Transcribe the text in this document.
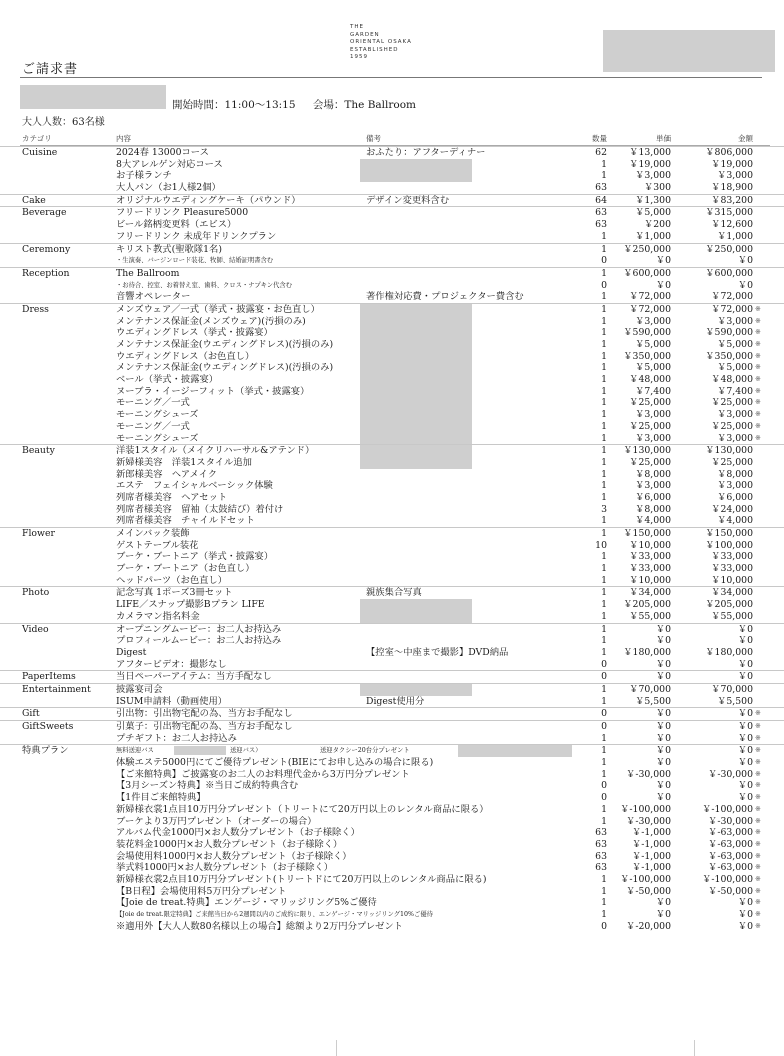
THE
GARDEN
ORIENTAL OSAKA
ESTABLISHED
1959
ご請求書
開始時間：11:00～13:15 会場：The Ballroom
大人人数：63名様
カテゴリ	内容	備考	数量	単価	金額
Cuisine	2024春 13000コース	おふたり：アフターディナー	62 ￥13,000	￥806,000
8大アレルゲン対応コース	1 ￥19,000	￥19,000
お子様ランチ	1	￥3,000	￥3,000
大人パン（お1人様2個）	63	￥300	￥18,900
Cake	オリジナルウエディングケーキ（パウンド）	デザイン変更料含む	64	￥1,300	￥83,200
Beverage	フリードリンク Pleasure5000	63	￥5,000	￥315,000
ビール銘柄変更料（エビス）	63	￥200	￥12,600
フリードリンク 未成年ドリンクプラン	1	￥1,000	￥1,000
Ceremony	キリスト教式(聖歌隊1名)	1 ￥250,000	￥250,000
・生演奏、バージンロード装花、牧師、結婚証明書含む	0	￥0	￥0
Reception	The Ballroom	1 ￥600,000	￥600,000
・お待合、控室、お着替え室、歯料、クロス・ナプキン代含む	0	￥0	￥0
音響オペレーター	著作権対応費・プロジェクター費含む	1 ￥72,000	￥72,000
Dress	メンズウェア／一式（挙式・披露宴・お色直し）	1 ￥72,000	￥72,000 ※
メンテナンス保証金(メンズウェア)(汚損のみ)	1	￥3,000	￥3,000 ※
ウエディングドレス（挙式・披露宴）	1 ￥590,000	￥590,000 ※
メンテナンス保証金(ウエディングドレス)(汚損のみ)	1	￥5,000	￥5,000 ※
ウエディングドレス（お色直し）	1 ￥350,000	￥350,000 ※
メンテナンス保証金(ウエディングドレス)(汚損のみ)	1	￥5,000	￥5,000 ※
ベール（挙式・披露宴）	1 ￥48,000	￥48,000 ※
ヌーブラ・イージーフィット（挙式・披露宴）	1	￥7,400	￥7,400 ※
モーニング／一式	1 ￥25,000	￥25,000 ※
モーニングシューズ	1	￥3,000	￥3,000 ※
モーニング／一式	1 ￥25,000	￥25,000 ※
モーニングシューズ	1	￥3,000	￥3,000 ※
Beauty	洋装1スタイル（メイクリハーサル&アテンド）	1 ￥130,000	￥130,000
新婦様美容　洋装1スタイル追加	1 ￥25,000	￥25,000
新郎様美容　ヘアメイク	1	￥8,000	￥8,000
エステ　フェイシャルベーシック体験	1	￥3,000	￥3,000
列席者様美容　ヘアセット	1	￥6,000	￥6,000
列席者様美容　留袖（太鼓結び）着付け	3	￥8,000	￥24,000
列席者様美容　チャイルドセット	1	￥4,000	￥4,000
Flower	メインバック装飾	1 ￥150,000	￥150,000
ゲストテーブル装花	10 ￥10,000	￥100,000
ブーケ・ブートニア（挙式・披露宴）	1 ￥33,000	￥33,000
ブーケ・ブートニア（お色直し）	1 ￥33,000	￥33,000
ヘッドパーツ（お色直し）	1 ￥10,000	￥10,000
Photo	記念写真 1ポーズ3冊セット	親族集合写真	1 ￥34,000	￥34,000
LIFE／スナップ撮影Bプラン LIFE	1 ￥205,000	￥205,000
カメラマン指名料金	1 ￥55,000	￥55,000
Video	オープニングムービー：お二人お持込み	1	￥0	￥0
プロフィールムービー：お二人お持込み	1	￥0	￥0
Digest	【控室～中座まで撮影】DVD納品	1 ￥180,000	￥180,000
アフタービデオ：撮影なし	0	￥0	￥0
PaperItems	当日ペーパーアイテム：当方手配なし	0	￥0	￥0
Entertainment	披露宴司会	1 ￥70,000	￥70,000
ISUM申請料（動画使用）	Digest使用分	1	￥5,500	￥5,500
Gift	引出物：引出物宅配の為、当方お手配なし	0	￥0	￥0 ※
GiftSweets	引菓子：引出物宅配の為、当方お手配なし	0	￥0	￥0 ※
プチギフト：お二人お持込み	1	￥0	￥0 ※
特典プラン	無料送迎バス	送迎バス）	送迎タクシー20台分プレゼント	1	￥0	￥0 ※
体験エステ5000円にてご優待プレゼント(BIEにてお申し込みの場合に限る)	1	￥0	￥0 ※
【ご来館特典】ご披露宴のお二人のお料理代金から3万円分プレゼント	1 ￥-30,000	￥-30,000 ※
【3月シーズン特典】※当日ご成約特典含む	0	￥0	￥0 ※
【1件目ご来館特典】	0	￥0	￥0 ※
新婦様衣裳1点目10万円分プレゼント（トリートにて20万円以上のレンタル商品に限る）	1 ￥-100,000	￥-100,000 ※
ブーケより3万円プレゼント（オーダーの場合）	1 ￥-30,000	￥-30,000 ※
アルバム代金1000円×お人数分プレゼント（お子様除く）	63	￥-1,000	￥-63,000 ※
装花料金1000円×お人数分プレゼント（お子様除く）	63	￥-1,000	￥-63,000 ※
会場使用料1000円×お人数分プレゼント（お子様除く）	63	￥-1,000	￥-63,000 ※
挙式料1000円×お人数分プレゼント（お子様除く）	63	￥-1,000	￥-63,000 ※
新婦様衣裳2点目10万円分プレゼント(トリートドにて20万円以上のレンタル商品に限る)	1 ￥-100,000	￥-100,000 ※
【B日程】会場使用料5万円分プレゼント	1 ￥-50,000	￥-50,000 ※
【Joie de treat.特典】エンゲージ・マリッジリング5%ご優待	1	￥0	￥0 ※
【Joie de treat.限定特典】ご来館当日から2週間以内のご成約に限り、エンゲージ・マリッジリング10%ご優待	1	￥0	￥0 ※
※適用外【大人人数80名様以上の場合】総額より2万円分プレゼント	0 ￥-20,000	￥0 ※
